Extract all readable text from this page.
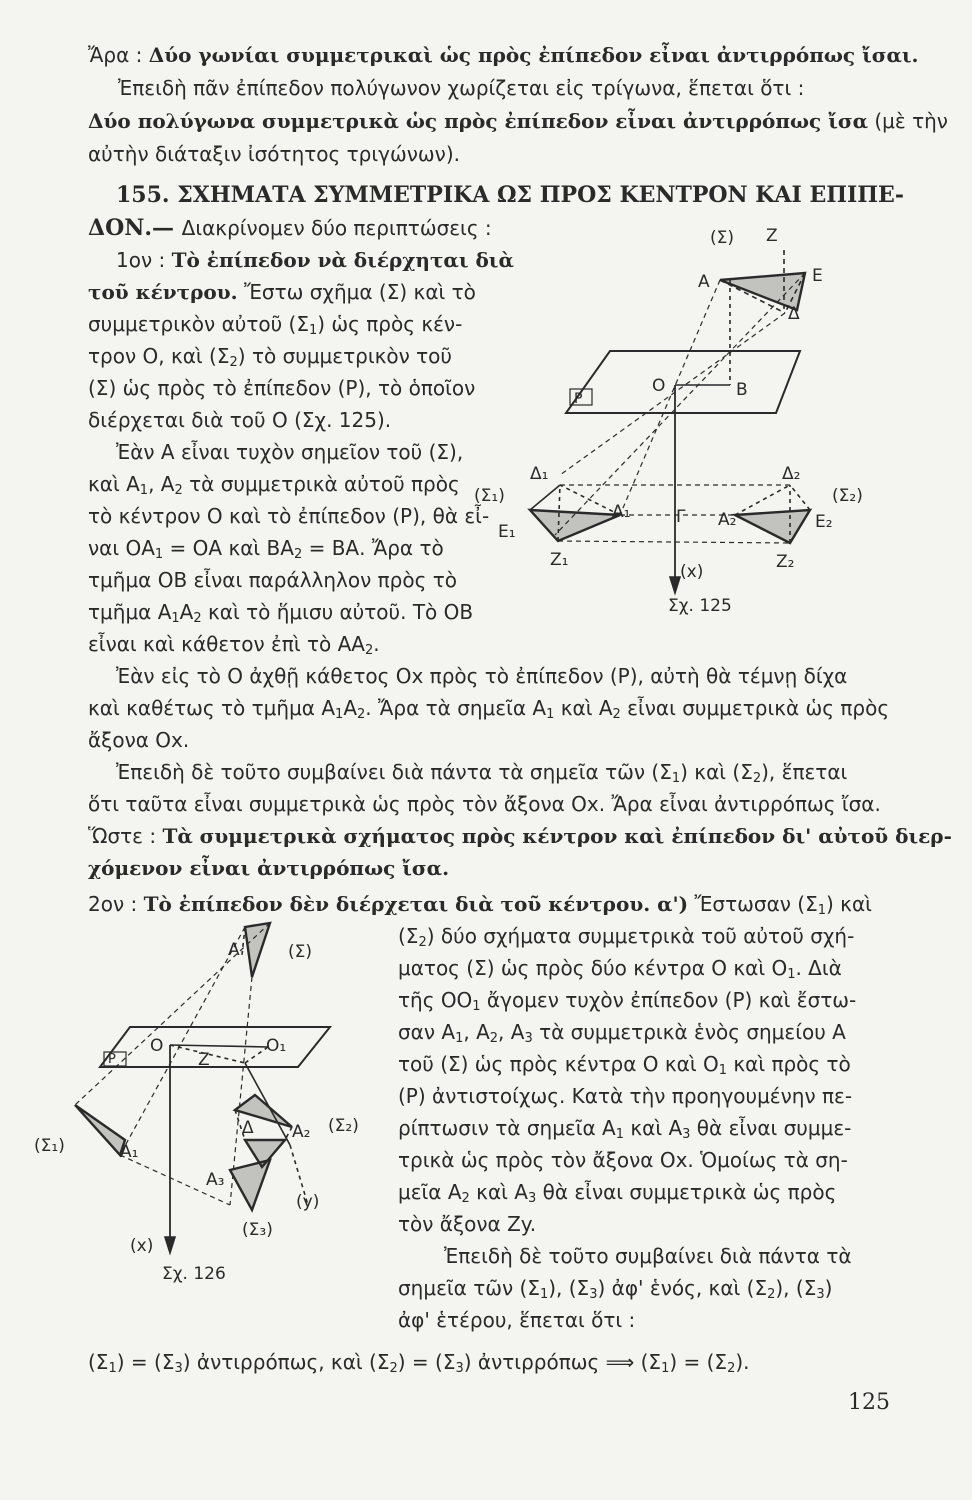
Ἄρα : Δύο γωνίαι συμμετρικαὶ ὡς πρὸς ἐπίπεδον εἶναι ἀντιρρόπως ἴσαι.
Ἐπειδὴ πᾶν ἐπίπεδον πολύγωνον χωρίζεται εἰς τρίγωνα, ἕπεται ὅτι :
Δύο πολύγωνα συμμετρικὰ ὡς πρὸς ἐπίπεδον εἶναι ἀντιρρόπως ἴσα (μὲ τὴν
αὐτὴν διάταξιν ἰσότητος τριγώνων).
155. ΣΧΗΜΑΤΑ ΣΥΜΜΕΤΡΙΚΑ ΩΣ ΠΡΟΣ ΚΕΝΤΡΟΝ ΚΑΙ ΕΠΙΠΕ-
ΔΟΝ.— Διακρίνομεν δύο περιπτώσεις :
1ον : Τὸ ἐπίπεδον νὰ διέρχηται διὰ
τοῦ κέντρου. Ἔστω σχῆμα (Σ) καὶ τὸ
συμμετρικὸν αὐτοῦ $(\Sigma_1)$ ὡς πρὸς κέν-
τρον Ο, καὶ $(\Sigma_2)$ τὸ συμμετρικὸν τοῦ
(Σ) ὡς πρὸς τὸ ἐπίπεδον (P), τὸ ὁποῖον
διέρχεται διὰ τοῦ Ο (Σχ. 125).
Ἐὰν Α εἶναι τυχὸν σημεῖον τοῦ (Σ),
καὶ $A_1$, $A_2$ τὰ συμμετρικὰ αὐτοῦ πρὸς
τὸ κέντρον Ο καὶ τὸ ἐπίπεδον (P), θὰ εἶ-
ναι $OA_1 = OA$ καὶ $BA_2 = BA$. Ἄρα τὸ
τμῆμα ΟΒ εἶναι παράλληλον πρὸς τὸ
τμῆμα $A_1A_2$ καὶ τὸ ἥμισυ αὐτοῦ. Τὸ ΟΒ
εἶναι καὶ κάθετον ἐπὶ τὸ $AA_2$.
Ἐὰν εἰς τὸ Ο ἀχθῇ κάθετος Οx πρὸς τὸ ἐπίπεδον (P), αὐτὴ θὰ τέμνῃ δίχα
καὶ καθέτως τὸ τμῆμα $A_1A_2$. Ἄρα τὰ σημεῖα $A_1$ καὶ $A_2$ εἶναι συμμετρικὰ ὡς πρὸς
ἄξονα Οx.
Ἐπειδὴ δὲ τοῦτο συμβαίνει διὰ πάντα τὰ σημεῖα τῶν $(\Sigma_1)$ καὶ $(\Sigma_2)$, ἕπεται
ὅτι ταῦτα εἶναι συμμετρικὰ ὡς πρὸς τὸν ἄξονα Οx. Ἄρα εἶναι ἀντιρρόπως ἴσα.
Ὥστε : Τὰ συμμετρικὰ σχήματος πρὸς κέντρον καὶ ἐπίπεδον δι' αὐτοῦ διερ-
χόμενον εἶναι ἀντιρρόπως ἴσα.
2ον : Τὸ ἐπίπεδον δὲν διέρχεται διὰ τοῦ κέντρου. α') Ἔστωσαν $(\Sigma_1)$ καὶ
$(\Sigma_2)$ δύο σχήματα συμμετρικὰ τοῦ αὐτοῦ σχή-
ματος (Σ) ὡς πρὸς δύο κέντρα Ο καὶ $O_1$. Διὰ
τῆς $OO_1$ ἄγομεν τυχὸν ἐπίπεδον (P) καὶ ἔστω-
σαν $A_1$, $A_2$, $A_3$ τὰ συμμετρικὰ ἑνὸς σημείου Α
τοῦ (Σ) ὡς πρὸς κέντρα Ο καὶ $O_1$ καὶ πρὸς τὸ
(P) ἀντιστοίχως. Κατὰ τὴν προηγουμένην πε-
ρίπτωσιν τὰ σημεῖα $A_1$ καὶ $A_3$ θὰ εἶναι συμμε-
τρικὰ ὡς πρὸς τὸν ἄξονα Οx. Ὁμοίως τὰ ση-
μεῖα $A_2$ καὶ $A_3$ θὰ εἶναι συμμετρικὰ ὡς πρὸς
τὸν ἄξονα Ζy.
Ἐπειδὴ δὲ τοῦτο συμβαίνει διὰ πάντα τὰ
σημεῖα τῶν $(\Sigma_1)$, $(\Sigma_3)$ ἀφ' ἑνός, καὶ $(\Sigma_2)$, $(\Sigma_3)$
ἀφ' ἑτέρου, ἕπεται ὅτι :
$(\Sigma_1) = (\Sigma_3)$ ἀντιρρόπως, καὶ $(\Sigma_2) = (\Sigma_3)$ ἀντιρρόπως ⟹ $(\Sigma_1) = (\Sigma_2)$.
125
(Σ) Z
A	E
Δ
P
O	B
Δ₁	Δ₂
(Σ₁)	(Σ₂)
E₁	E₂
A₁	A₂
Γ
Z₁	Z₂
(x)
Σχ. 125
A	(Σ)
P
O	O₁
Z
(Σ₁)	A₁
Δ A₂ (Σ₂)
A₃
(y)
(x)
(Σ₃)
Σχ. 126
